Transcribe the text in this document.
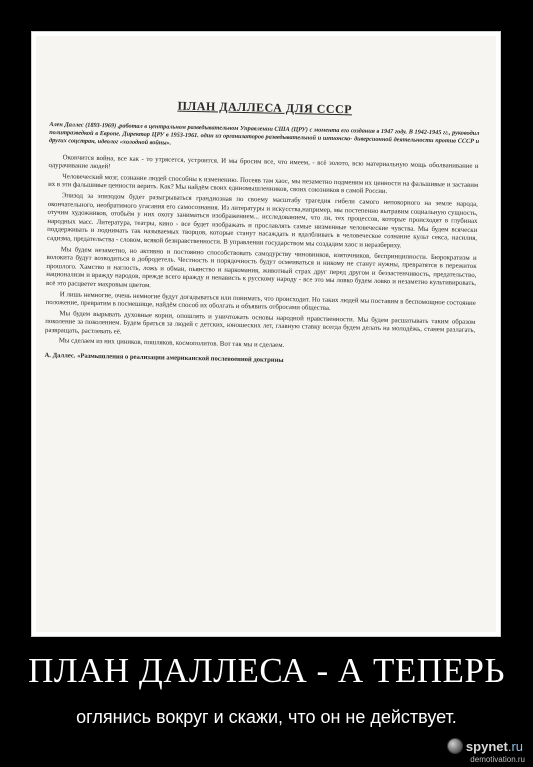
ПЛАН ДАЛЛЕСА ДЛЯ СССР
Ален Даллес (1893-1969) ,работал в центральном разведывательном Управлении США (ЦРУ) с момента его создания в 1947 году. В 1942-1945 гг., руководил политразведкой в Европе. Директор ЦРУ в 1953-1961. один из организаторов разведывательной и шпионско- диверсионной деятельности против СССР и других соцстран, идеолог «холодной войны».

Окончится война, все как - то утрясется, устроится. И мы бросим все, что имеем, - всё золото, всю материальную мощь оболванивание и одурачивание людей!

Человеческий мозг, сознание людей способны к изменению. Посеяв там хаос, мы незаметно подменим их ценности на фальшивые и заставим их в эти фальшивые ценности верить. Как? Мы найдём своих единомышленников, своих союзников в самой России.

Эпизод за эпизодом будет разыгрываться грандиозная по своему масштабу трагедия гибели самого непокорного на земле народа, окончательного, необратимого угасания его самосознания. Из литературы и искусства,например, мы постепенно вытравим социальную сущность, отучим художников, отобьём у них охоту заниматься изображением... исследованием, что ли, тех процессов, которые происходят в глубинах народных масс. Литература, театры, кино - все будет изображать и прославлять самые низменные человеческие чувства. Мы будем всячески поддерживать и поднимать так называемых творцов, которые станут насаждать и вдалбливать в человеческое сознание культ секса, насилия, садизма, предательства - словом, всякой безнравственности. В управлении государством мы создадим хаос и неразбериху.

Мы будем незаметно, но активно и постоянно способствовать самодурству чиновников, взяточников, беспринципности. Бюрократизм и волокита будут возводиться в добродетель. Честность и порядочность будут осмеиваться и никому не станут нужны, превратятся в пережиток прошлого. Хамство и наглость, ложь и обман, пьянство и наркомания, животный страх друг перед другом и беззастенчивость, предательство, национализм и вражду народов, прежде всего вражду и ненависть к русскому народу - все это мы ловко будем ловко и незаметно культивировать, всё это расцветет махровым цветом.

И лишь немногие, очень немногие будут догадываться или понимать, что происходит. Но таких людей мы поставим в беспомощное состояние положение, превратим в посмешище, найдём способ их оболгать и объявить отбросами общества.

Мы будем вырывать духовные корни, опошлять и уничтожать основы народной нравственности. Мы будем расшатывать таким образом поколение за поколением. Будем браться за людей с детских, юношеских лет, главную ставку всегда будем делать на молодёжь, станем разлагать, развращать, растлевать её.

Мы сделаем из них циников, пошляков, космополитов. Вот так мы и сделаем.

А. Даллес. «Размышления о реализации американской послевоенной доктрины
ПЛАН ДАЛЛЕСА - А ТЕПЕРЬ
оглянись вокруг и скажи, что он не действует.
spynet.ru
demotivation.ru
